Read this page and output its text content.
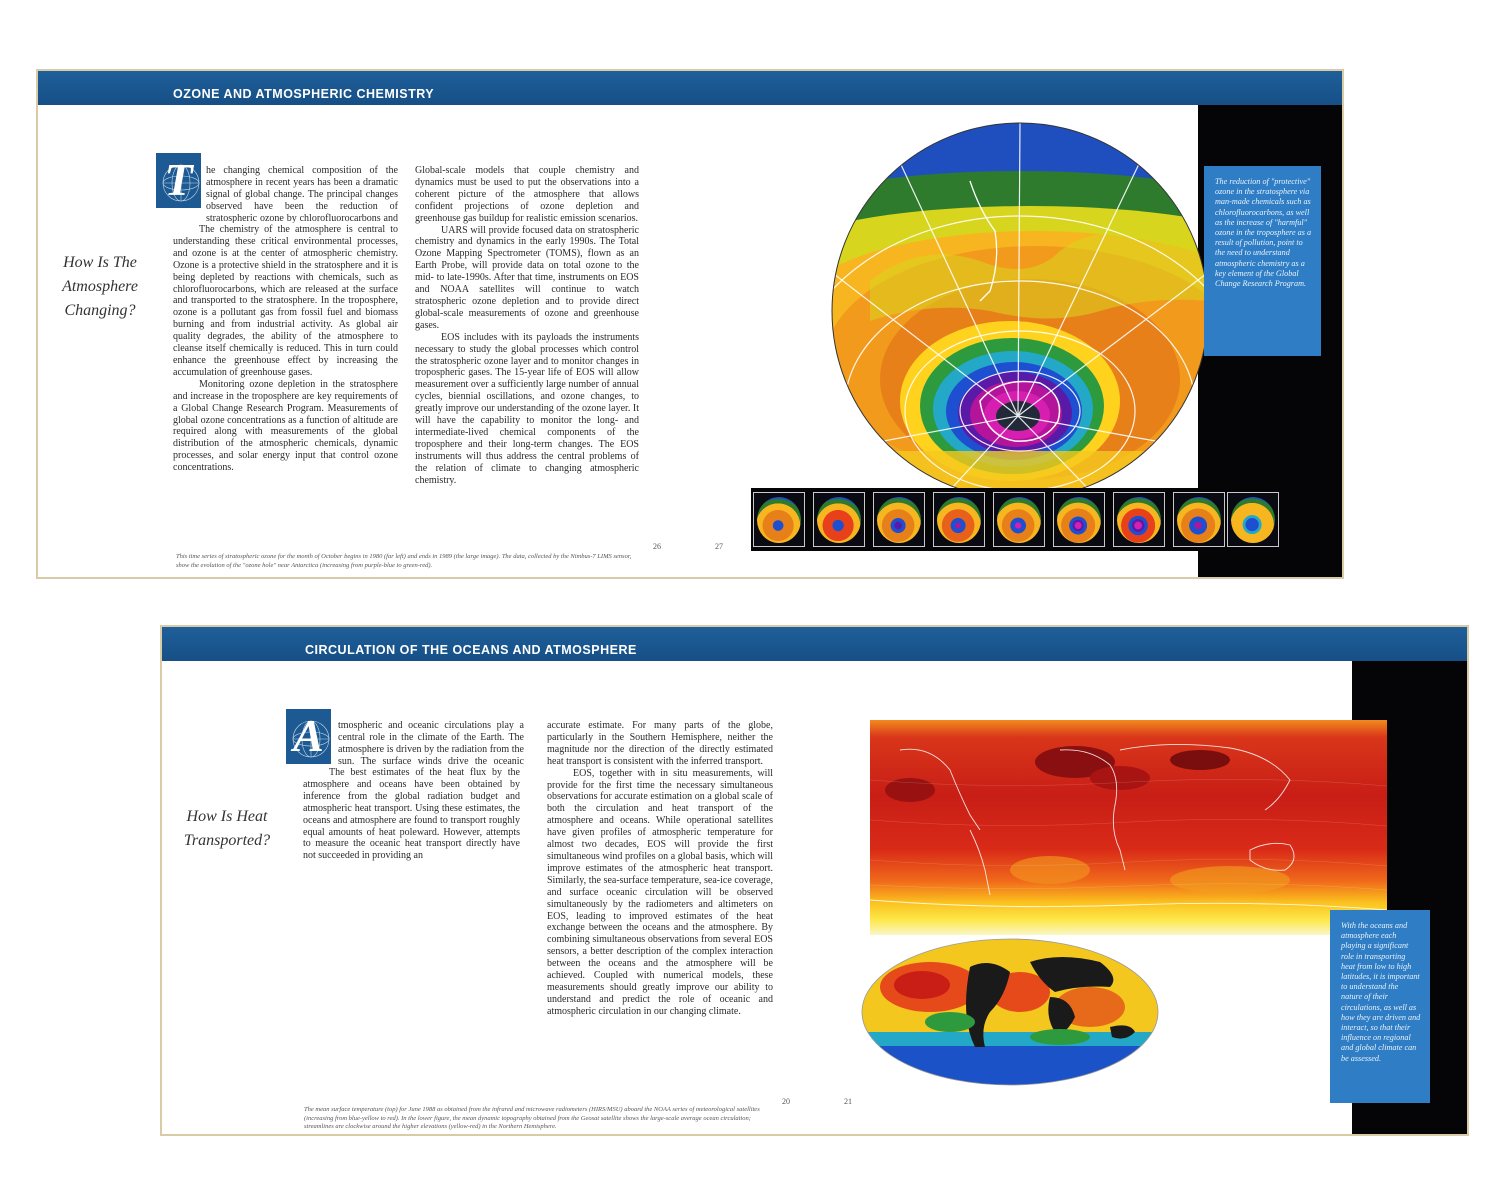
OZONE AND ATMOSPHERIC CHEMISTRY
How Is The
Atmosphere
Changing?
T	he changing chemical composition of the atmosphere in recent years has been a dramatic signal of global change. The principal changes observed have been the reduction of stratospheric ozone by chlorofluorocarbons and

The chemistry of the atmosphere is central to understanding these critical environmental processes, and ozone is at the center of atmospheric chemistry. Ozone is a protective shield in the stratosphere and it is being depleted by reactions with chemicals, such as chlorofluorocarbons, which are released at the surface and transported to the stratosphere. In the troposphere, ozone is a pollutant gas from fossil fuel and biomass burning and from industrial activity. As global air quality degrades, the ability of the atmosphere to cleanse itself chemically is reduced. This in turn could enhance the greenhouse effect by increasing the accumulation of greenhouse gases.

Monitoring ozone depletion in the stratosphere and increase in the troposphere are key requirements of a Global Change Research Program. Measurements of global ozone concentrations as a function of altitude are required along with measurements of the global distribution of the atmospheric chemicals, dynamic processes, and solar energy input that control ozone concentrations.

Global-scale models that couple chemistry and dynamics must be used to put the observations into a coherent picture of the atmosphere that allows confident projections of ozone depletion and greenhouse gas buildup for realistic emission scenarios.

UARS will provide focused data on stratospheric chemistry and dynamics in the early 1990s. The Total Ozone Mapping Spectrometer (TOMS), flown as an Earth Probe, will provide data on total ozone to the mid- to late-1990s. After that time, instruments on EOS and NOAA satellites will continue to watch stratospheric ozone depletion and to provide direct global-scale measurements of ozone and greenhouse gases.

EOS includes with its payloads the instruments necessary to study the global processes which control the stratospheric ozone layer and to monitor changes in tropospheric gases. The 15-year life of EOS will allow measurement over a sufficiently large number of annual cycles, biennial oscillations, and ozone changes, to greatly improve our understanding of the ozone layer. It will have the capability to monitor the long- and intermediate-lived chemical components of the troposphere and their long-term changes. The EOS instruments will thus address the central problems of the relation of climate to changing atmospheric chemistry.

26	27
This time series of stratospheric ozone for the month of October begins in 1980 (far left) and ends in 1989 (the large image). The data, collected by the Nimbus-7 LIMS sensor, show the evolution of the "ozone hole" near Antarctica (increasing from purple-blue to green-red).
The reduction of "protective" ozone in the stratosphere via man-made chemicals such as chlorofluorocarbons, as well as the increase of "harmful" ozone in the troposphere as a result of pollution, point to the need to understand atmospheric chemistry as a key element of the Global Change Research Program.
CIRCULATION OF THE OCEANS AND ATMOSPHERE
How Is Heat
Transported?
A	tmospheric and oceanic circulations play a central role in the climate of the Earth. The atmosphere is driven by the radiation from the sun. The surface winds drive the oceanic

accurate estimate. For many parts of the globe, particularly in the Southern Hemisphere, neither the magnitude nor the direction of the directly estimated heat transport is consistent with the inferred transport.

EOS, together with in situ measurements, will provide for the first time the necessary simultaneous observations for accurate estimation on a global scale of both the circulation and heat transport of the atmosphere and oceans. While operational satellites have given profiles of atmospheric temperature for almost two decades, EOS will provide the first simultaneous wind profiles on a global basis, which will improve estimates of the atmospheric heat transport. Similarly, the sea-surface temperature, sea-ice coverage, and surface oceanic circulation will be observed simultaneously by the radiometers and altimeters on EOS, leading to improved estimates of the heat exchange between the oceans and the atmosphere. By combining simultaneous observations from several EOS sensors, a better description of the complex interaction between the oceans and the atmosphere will be achieved. Coupled with numerical models, these measurements should greatly improve our ability to understand and predict the role of oceanic and atmospheric circulation in our changing climate.

20	21
The mean surface temperature (top) for June 1988 as obtained from the infrared and microwave radiometers (HIRS/MSU) aboard the NOAA series of meteorological satellites (increasing from blue-yellow to red). In the lower figure, the mean dynamic topography obtained from the Geosat satellite shows the large-scale average ocean circulation; streamlines are clockwise around the higher elevations (yellow-red) in the Northern Hemisphere.
With the oceans and atmosphere each playing a significant role in transporting heat from low to high latitudes, it is important to understand the nature of their circulations, as well as how they are driven and interact, so that their influence on regional and global climate can be assessed.

The best estimates of the heat flux by the atmosphere and oceans have been obtained by inference from the global radiation budget and atmospheric heat transport. Using these estimates, the oceans and atmosphere are found to transport roughly equal amounts of heat poleward. However, attempts to measure the oceanic heat transport directly have not succeeded in providing an
